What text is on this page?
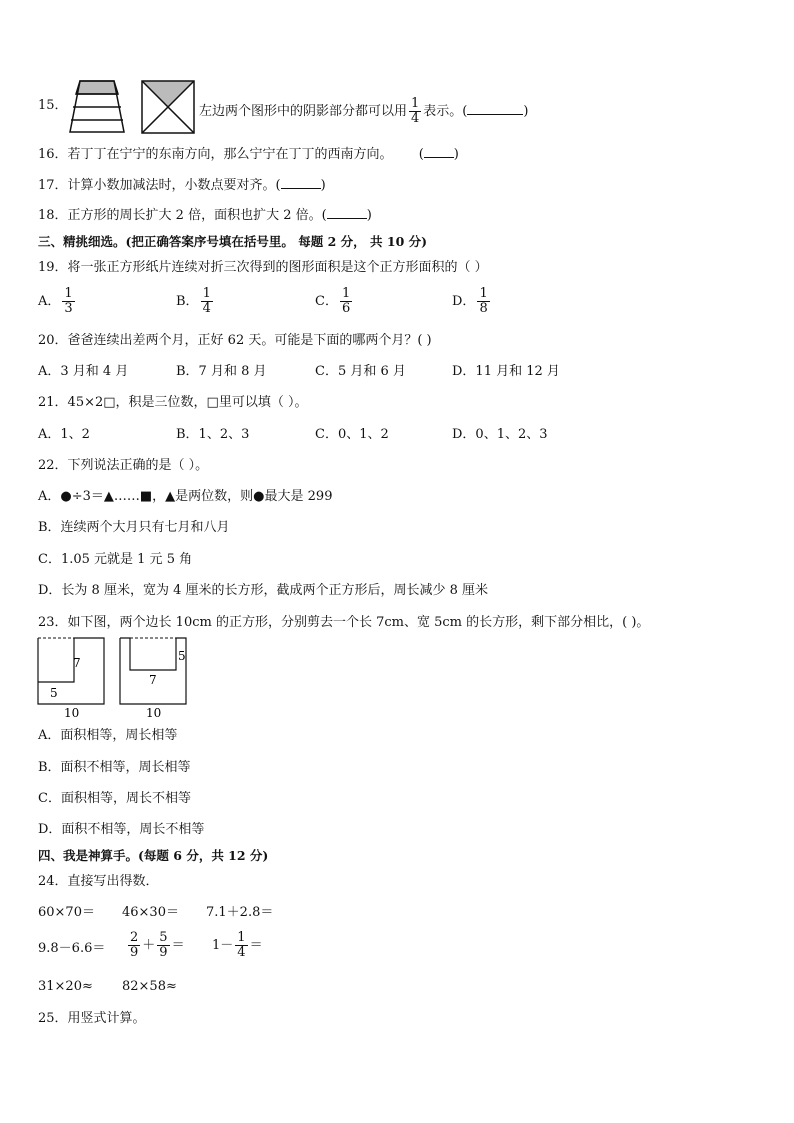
15．	左边两个图形中的阴影部分都可以用 $\frac{1}{4}$ 表示。(	)
16．若丁丁在宁宁的东南方向，那么宁宁在丁丁的西南方向。 ( )
17．计算小数加减法时，小数点要对齐。(	)
18．正方形的周长扩大 2 倍，面积也扩大 2 倍。(	)
三、精挑细选。(把正确答案序号填在括号里。 每题 2 分， 共 10 分)
19．将一张正方形纸片连续对折三次得到的图形面积是这个正方形面积的（ ）
A． $\frac{1}{3}$	B． $\frac{1}{4}$	C． $\frac{1}{6}$	D． $\frac{1}{8}$
20．爸爸连续出差两个月，正好 62 天。可能是下面的哪两个月？( )
A．3 月和 4 月	B．7 月和 8 月	C．5 月和 6 月	D．11 月和 12 月
21．45×2□，积是三位数，□里可以填（ ）。
A．1、2	B．1、2、3	C．0、1、2	D．0、1、2、3
22．下列说法正确的是（ ）。
A．●÷3＝▲……■，▲是两位数，则●最大是 299
B．连续两个大月只有七月和八月
C．1.05 元就是 1 元 5 角
D．长为 8 厘米，宽为 4 厘米的长方形，截成两个正方形后，周长减少 8 厘米
23．如下图，两个边长 10cm 的正方形，分别剪去一个长 7cm、宽 5cm 的长方形，剩下部分相比，( )。
7
5
10
5
7
10
A．面积相等，周长相等
B．面积不相等，周长相等
C．面积相等，周长不相等
D．面积不相等，周长不相等
四、我是神算手。(每题 6 分，共 12 分)
24．直接写出得数．
60×70＝ 46×30＝ 7.1＋2.8＝
$9.8-6.6= \frac{2}{9} + \frac{5}{9} = 1- \frac{1}{4}$ ＝
31×20≈ 82×58≈
25．用竖式计算。
